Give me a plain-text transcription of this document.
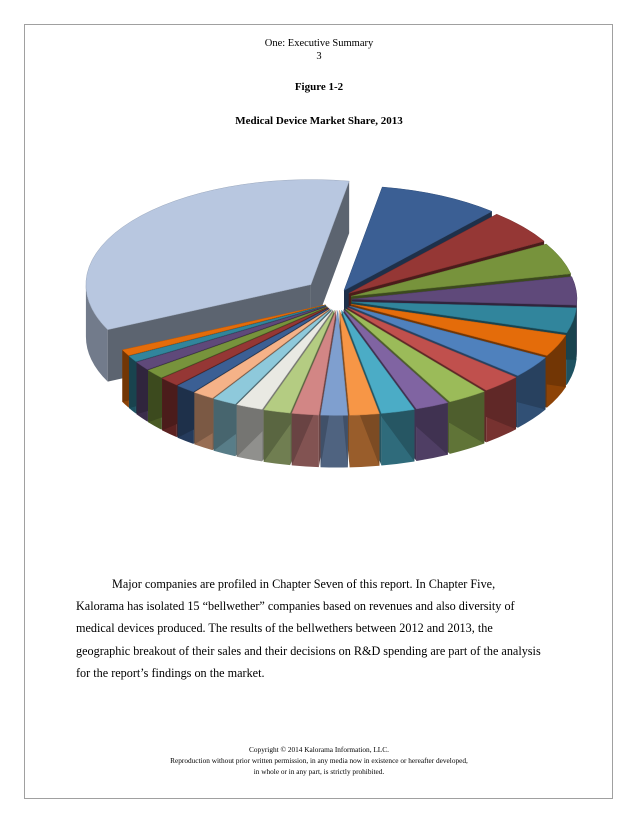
One: Executive Summary
3
Figure 1-2
Medical Device Market Share, 2013
Major companies are profiled in Chapter Seven of this report. In Chapter Five,
Kalorama has isolated 15 “bellwether” companies based on revenues and also diversity of
medical devices produced. The results of the bellwethers between 2012 and 2013, the
geographic breakout of their sales and their decisions on R&D spending are part of the analysis
for the report’s findings on the market.
Copyright © 2014 Kalorama Information, LLC.
Reproduction without prior written permission, in any media now in existence or hereafter developed,
in whole or in any part, is strictly prohibited.
